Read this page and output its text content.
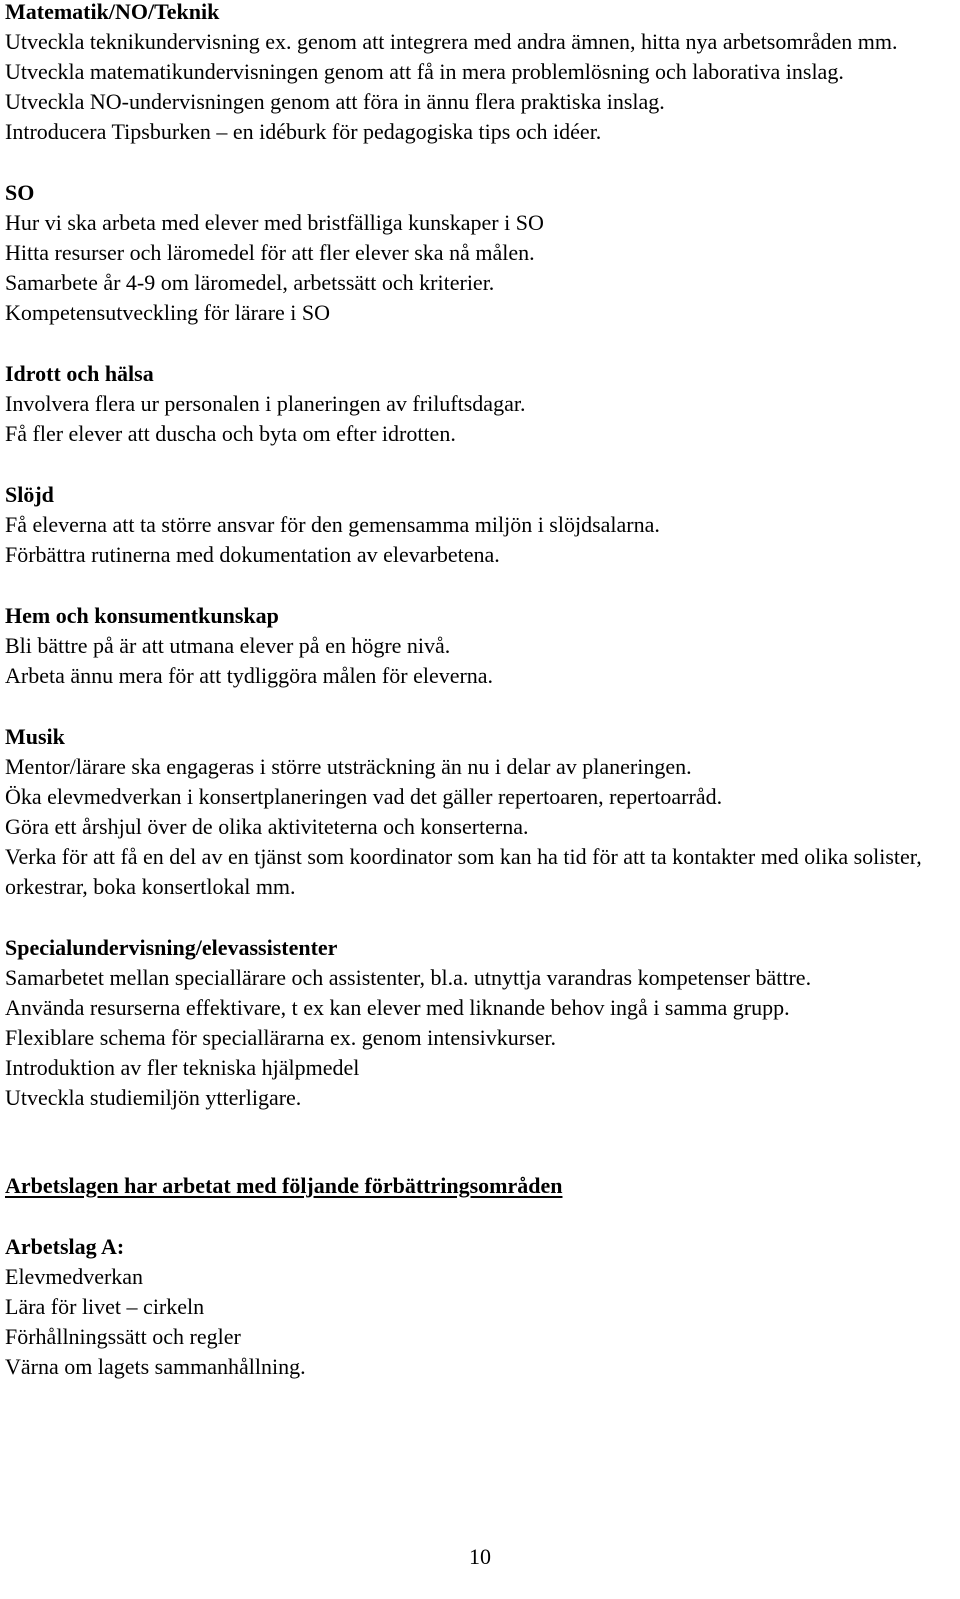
Matematik/NO/Teknik

Utveckla teknikundervisning ex. genom att integrera med andra ämnen, hitta nya arbetsområden mm.

Utveckla matematikundervisningen genom att få in mera problemlösning och laborativa inslag.

Utveckla NO-undervisningen genom att föra in ännu flera praktiska inslag.

Introducera Tipsburken – en idéburk för pedagogiska tips och idéer.

SO

Hur vi ska arbeta med elever med bristfälliga kunskaper i SO

Hitta resurser och läromedel för att fler elever ska nå målen.

Samarbete år 4-9 om läromedel, arbetssätt och kriterier.

Kompetensutveckling för lärare i SO

Idrott och hälsa

Involvera flera ur personalen i planeringen av friluftsdagar.

Få fler elever att duscha och byta om efter idrotten.

Slöjd

Få eleverna att ta större ansvar för den gemensamma miljön i slöjdsalarna.

Förbättra rutinerna med dokumentation av elevarbetena.

Hem och konsumentkunskap

Bli bättre på är att utmana elever på en högre nivå.

Arbeta ännu mera för att tydliggöra målen för eleverna.

Musik

Mentor/lärare ska engageras i större utsträckning än nu i delar av planeringen.

Öka elevmedverkan i konsertplaneringen vad det gäller repertoaren, repertoarråd.

Göra ett årshjul över de olika aktiviteterna och konserterna.

Verka för att få en del av en tjänst som koordinator som kan ha tid för att ta kontakter med olika solister, orkestrar, boka konsertlokal mm.

Specialundervisning/elevassistenter

Samarbetet mellan speciallärare och assistenter, bl.a. utnyttja varandras kompetenser bättre.

Använda resurserna effektivare, t ex kan elever med liknande behov ingå i samma grupp.

Flexiblare schema för speciallärarna ex. genom intensivkurser.

Introduktion av fler tekniska hjälpmedel

Utveckla studiemiljön ytterligare.

Arbetslagen har arbetat med följande förbättringsområden

Arbetslag A:

Elevmedverkan

Lära för livet – cirkeln

Förhållningssätt och regler

Värna om lagets sammanhållning.

10
